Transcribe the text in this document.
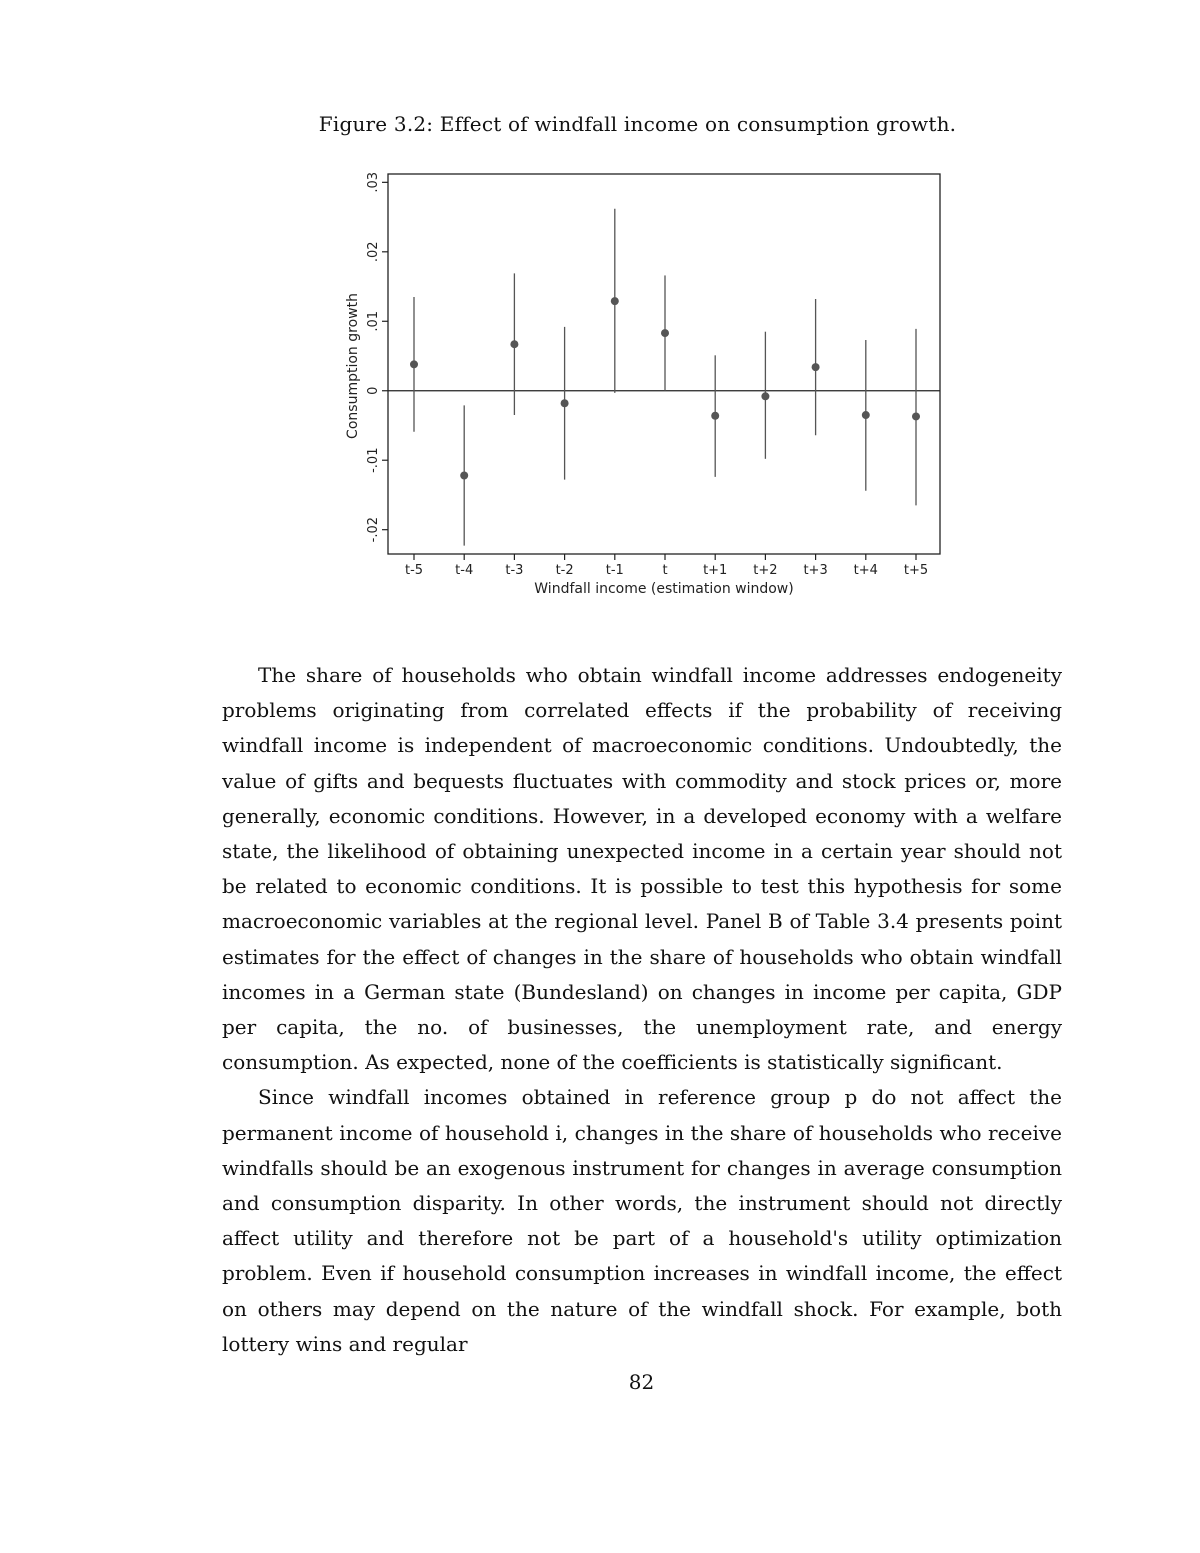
Figure 3.2: Effect of windfall income on consumption growth.
-.02
-.01
0
.01
.02
.03
t-5 t-4 t-3 t-2 t-1	t	t+1 t+2 t+3 t+4 t+5
Windfall income (estimation window)
Consumption growth

The share of households who obtain windfall income addresses endogeneity problems originating from correlated effects if the probability of receiving windfall income is independent of macroeconomic conditions. Undoubtedly, the value of gifts and bequests fluctuates with commodity and stock prices or, more generally, economic conditions. However, in a developed economy with a welfare state, the likelihood of obtaining unexpected income in a certain year should not be related to economic conditions. It is possible to test this hypothesis for some macroeconomic variables at the regional level. Panel B of Table 3.4 presents point estimates for the effect of changes in the share of households who obtain windfall incomes in a German state (Bundesland) on changes in income per capita, GDP per capita, the no. of businesses, the unemployment rate, and energy consumption. As expected, none of the coefficients is statistically significant.

Since windfall incomes obtained in reference group p do not affect the permanent income of household i, changes in the share of households who receive windfalls should be an exogenous instrument for changes in average consumption and consumption disparity. In other words, the instrument should not directly affect utility and therefore not be part of a household's utility optimization problem. Even if household consumption increases in windfall income, the effect on others may depend on the nature of the windfall shock. For example, both lottery wins and regular

82
